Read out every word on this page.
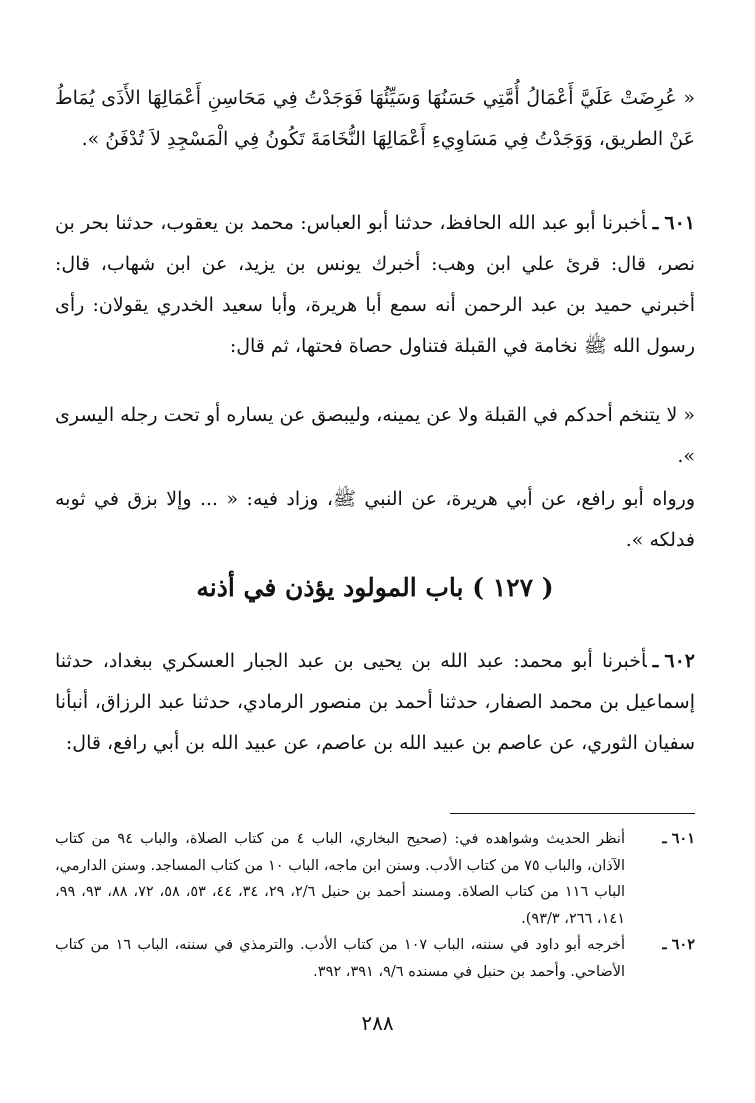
« عُرِضَتْ عَلَيَّ أَعْمَالُ أُمَّتِي حَسَنُهَا وَسَيِّئُهَا فَوَجَدْتُ فِي مَحَاسِنِ أَعْمَالِهَا الأَذَى يُمَاطُ عَنْ الطريق، وَوَجَدْتُ فِي مَسَاوِيءِ أَعْمَالِهَا النُّخَامَةَ تَكُونُ فِي الْمَسْجِدِ لاَ تُدْفَنُ ».

٦٠١ـأخبرنا أبو عبد الله الحافظ، حدثنا أبو العباس: محمد بن يعقوب، حدثنا بحر بن نصر، قال: قرئ علي ابن وهب: أخبرك يونس بن يزيد، عن ابن شهاب، قال: أخبرني حميد بن عبد الرحمن أنه سمع أبا هريرة، وأبا سعيد الخدري يقولان: رأى رسول الله ﷺ نخامة في القبلة فتناول حصاة فحتها، ثم قال:

« لا يتنخم أحدكم في القبلة ولا عن يمينه، وليبصق عن يساره أو تحت رجله اليسرى ».

ورواه أبو رافع، عن أبي هريرة، عن النبي ﷺ، وزاد فيه: « ... وإلا بزق في ثوبه فدلكه ».

( ١٢٧ ) باب المولود يؤذن في أذنه

٦٠٢ـأخبرنا أبو محمد: عبد الله بن يحيى بن عبد الجبار العسكري ببغداد، حدثنا إسماعيل بن محمد الصفار، حدثنا أحمد بن منصور الرمادي، حدثنا عبد الرزاق، أنبأنا سفيان الثوري، عن عاصم بن عبيد الله بن عاصم، عن عبيد الله بن أبي رافع، قال:

٦٠١ ـ
أنظر الحديث وشواهده في: (صحيح البخاري، الباب ٤ من كتاب الصلاة، والباب ٩٤ من كتاب الآذان، والباب ٧٥ من كتاب الأدب. وسنن ابن ماجه، الباب ١٠ من كتاب المساجد. وسنن الدارمي، الباب ١١٦ من كتاب الصلاة. ومسند أحمد بن حنبل ٢/٦، ٢٩، ٣٤، ٤٤، ٥٣، ٥٨، ٧٢، ٨٨، ٩٣، ٩٩، ١٤١، ٢٦٦، ٩٣/٣).
٦٠٢ ـ
أخرجه أبو داود في سننه، الباب ١٠٧ من كتاب الأدب. والترمذي في سننه، الباب ١٦ من كتاب الأضاحي. وأحمد بن حنبل في مسنده ٩/٦، ٣٩١، ٣٩٢.
٢٨٨
